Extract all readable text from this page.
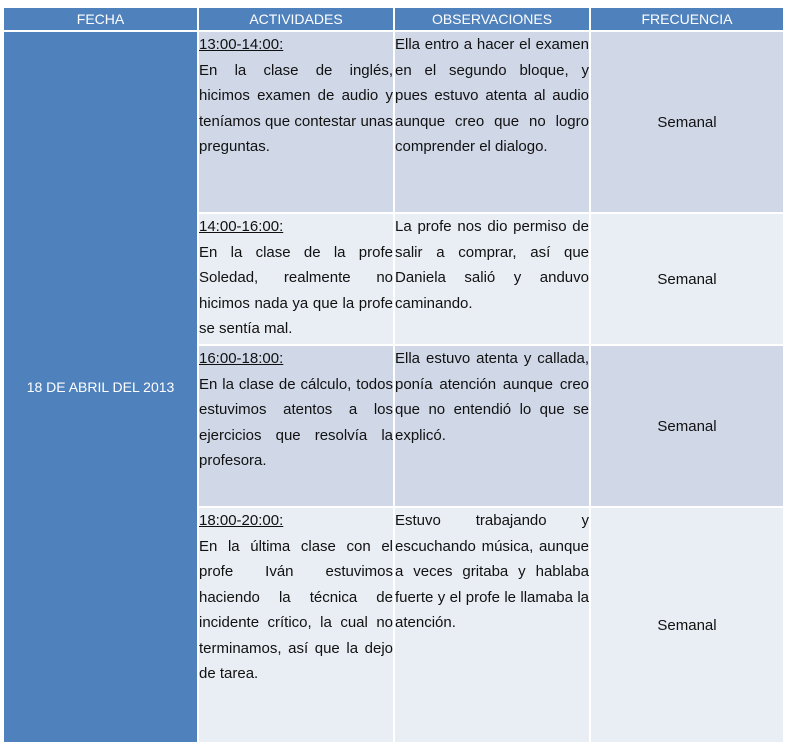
FECHA	ACTIVIDADES	OBSERVACIONES	FRECUENCIA
18 DE ABRIL DEL 2013	13:00-14:00:
En la clase de inglés, hicimos examen de audio y teníamos que contestar unas preguntas.	Ella entro a hacer el examen en el segundo bloque, y pues estuvo atenta al audio aunque creo que no logro comprender el dialogo.	Semanal

	14:00-16:00:
En la clase de la profe Soledad, realmente no hicimos nada ya que la profe se sentía mal.	La profe nos dio permiso de salir a comprar, así que Daniela salió y anduvo caminando.	Semanal

	16:00-18:00:
En la clase de cálculo, todos estuvimos atentos a los ejercicios que resolvía la profesora.	Ella estuvo atenta y callada, ponía atención aunque creo que no entendió lo que se explicó.	Semanal

	18:00-20:00:
En la última clase con el profe Iván estuvimos haciendo la técnica de incidente crítico, la cual no terminamos, así que la dejo de tarea.	Estuvo trabajando y escuchando música, aunque a veces gritaba y hablaba fuerte y el profe le llamaba la atención.	Semanal
